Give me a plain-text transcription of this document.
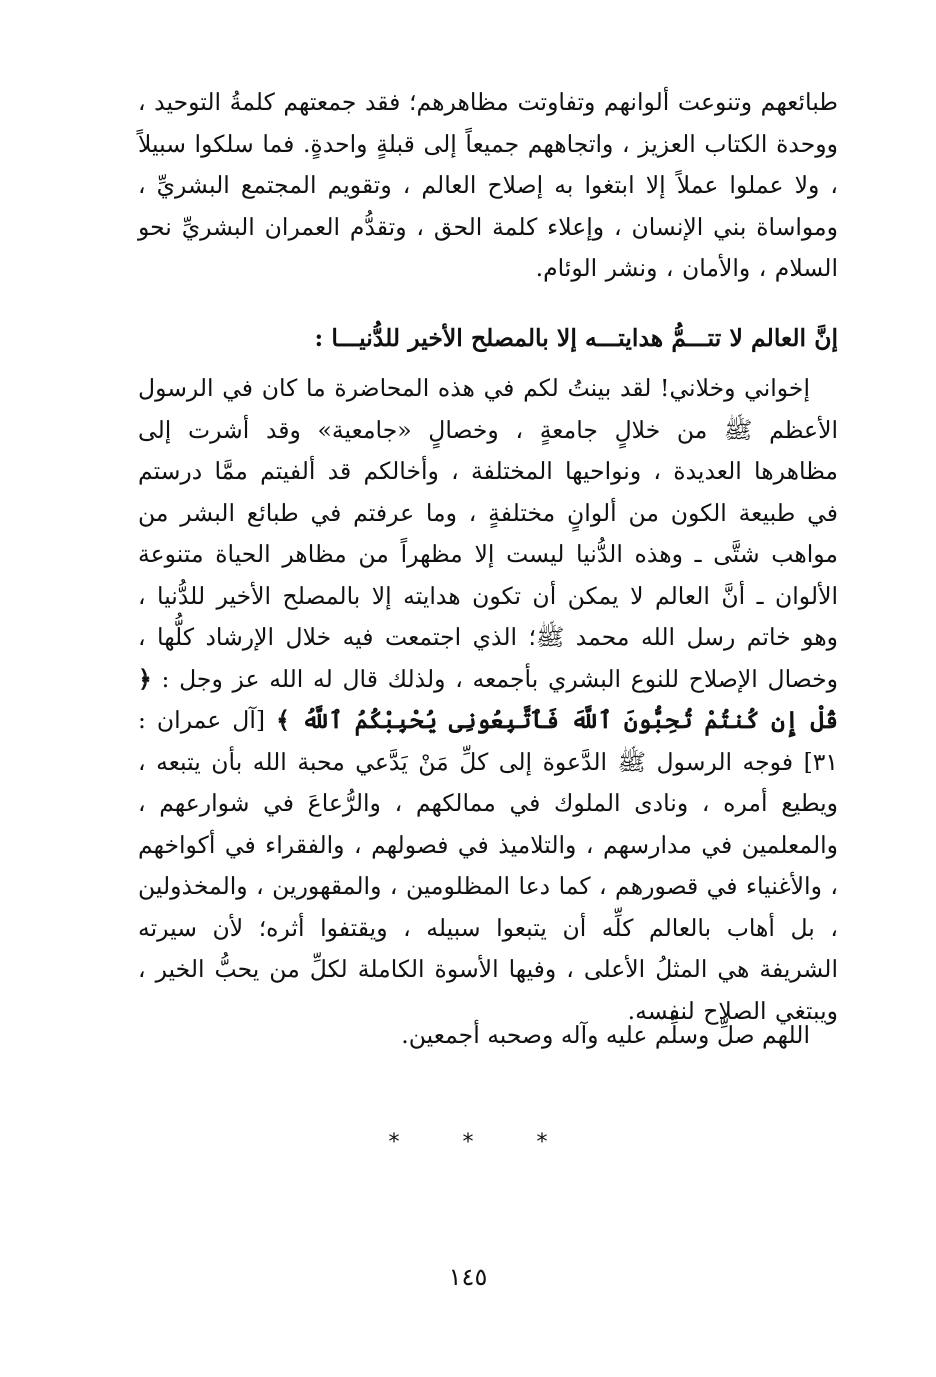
طبائعهم وتنوعت ألوانهم وتفاوتت مظاهرهم؛ فقد جمعتهم كلمةُ التوحيد ، ووحدة الكتاب العزيز ، واتجاههم جميعاً إلى قبلةٍ واحدةٍ. فما سلكوا سبيلاً ، ولا عملوا عملاً إلا ابتغوا به إصلاح العالم ، وتقويم المجتمع البشريِّ ، ومواساة بني الإنسان ، وإعلاء كلمة الحق ، وتقدُّم العمران البشريِّ نحو السلام ، والأمان ، ونشر الوئام.
إنَّ العالم لا تتـــمُّ هدايتـــه إلا بالمصلح الأخير للدُّنيـــا :
إخواني وخلاني! لقد بينتُ لكم في هذه المحاضرة ما كان في الرسول الأعظم ﷺ من خلالٍ جامعةٍ ، وخصالٍ «جامعية» وقد أشرت إلى مظاهرها العديدة ، ونواحيها المختلفة ، وأخالكم قد ألفيتم ممَّا درستم في طبيعة الكون من ألوانٍ مختلفةٍ ، وما عرفتم في طبائع البشر من مواهب شتَّى ـ وهذه الدُّنيا ليست إلا مظهراً من مظاهر الحياة متنوعة الألوان ـ أنَّ العالم لا يمكن أن تكون هدايته إلا بالمصلح الأخير للدُّنيا ، وهو خاتم رسل الله محمد ﷺ؛ الذي اجتمعت فيه خلال الإرشاد كلُّها ، وخصال الإصلاح للنوع البشري بأجمعه ، ولذلك قال له الله عز وجل : ﴿ قُلْ إِن كُنتُمْ تُحِبُّونَ ٱللَّهَ فَٱتَّبِعُونِى يُحْبِبْكُمُ ٱللَّهُ ﴾ [آل عمران : ٣١] فوجه الرسول ﷺ الدَّعوة إلى كلِّ مَنْ يَدَّعي محبة الله بأن يتبعه ، ويطيع أمره ، ونادى الملوك في ممالكهم ، والرُّعاعَ في شوارعهم ، والمعلمين في مدارسهم ، والتلاميذ في فصولهم ، والفقراء في أكواخهم ، والأغنياء في قصورهم ، كما دعا المظلومين ، والمقهورين ، والمخذولين ، بل أهاب بالعالم كلِّه أن يتبعوا سبيله ، ويقتفوا أثره؛ لأن سيرته الشريفة هي المثلُ الأعلى ، وفيها الأسوة الكاملة لكلِّ من يحبُّ الخير ، ويبتغي الصلاح لنفسه.
اللهم صلِّ وسلِّم عليه وآله وصحبه أجمعين.
* * *
١٤٥
